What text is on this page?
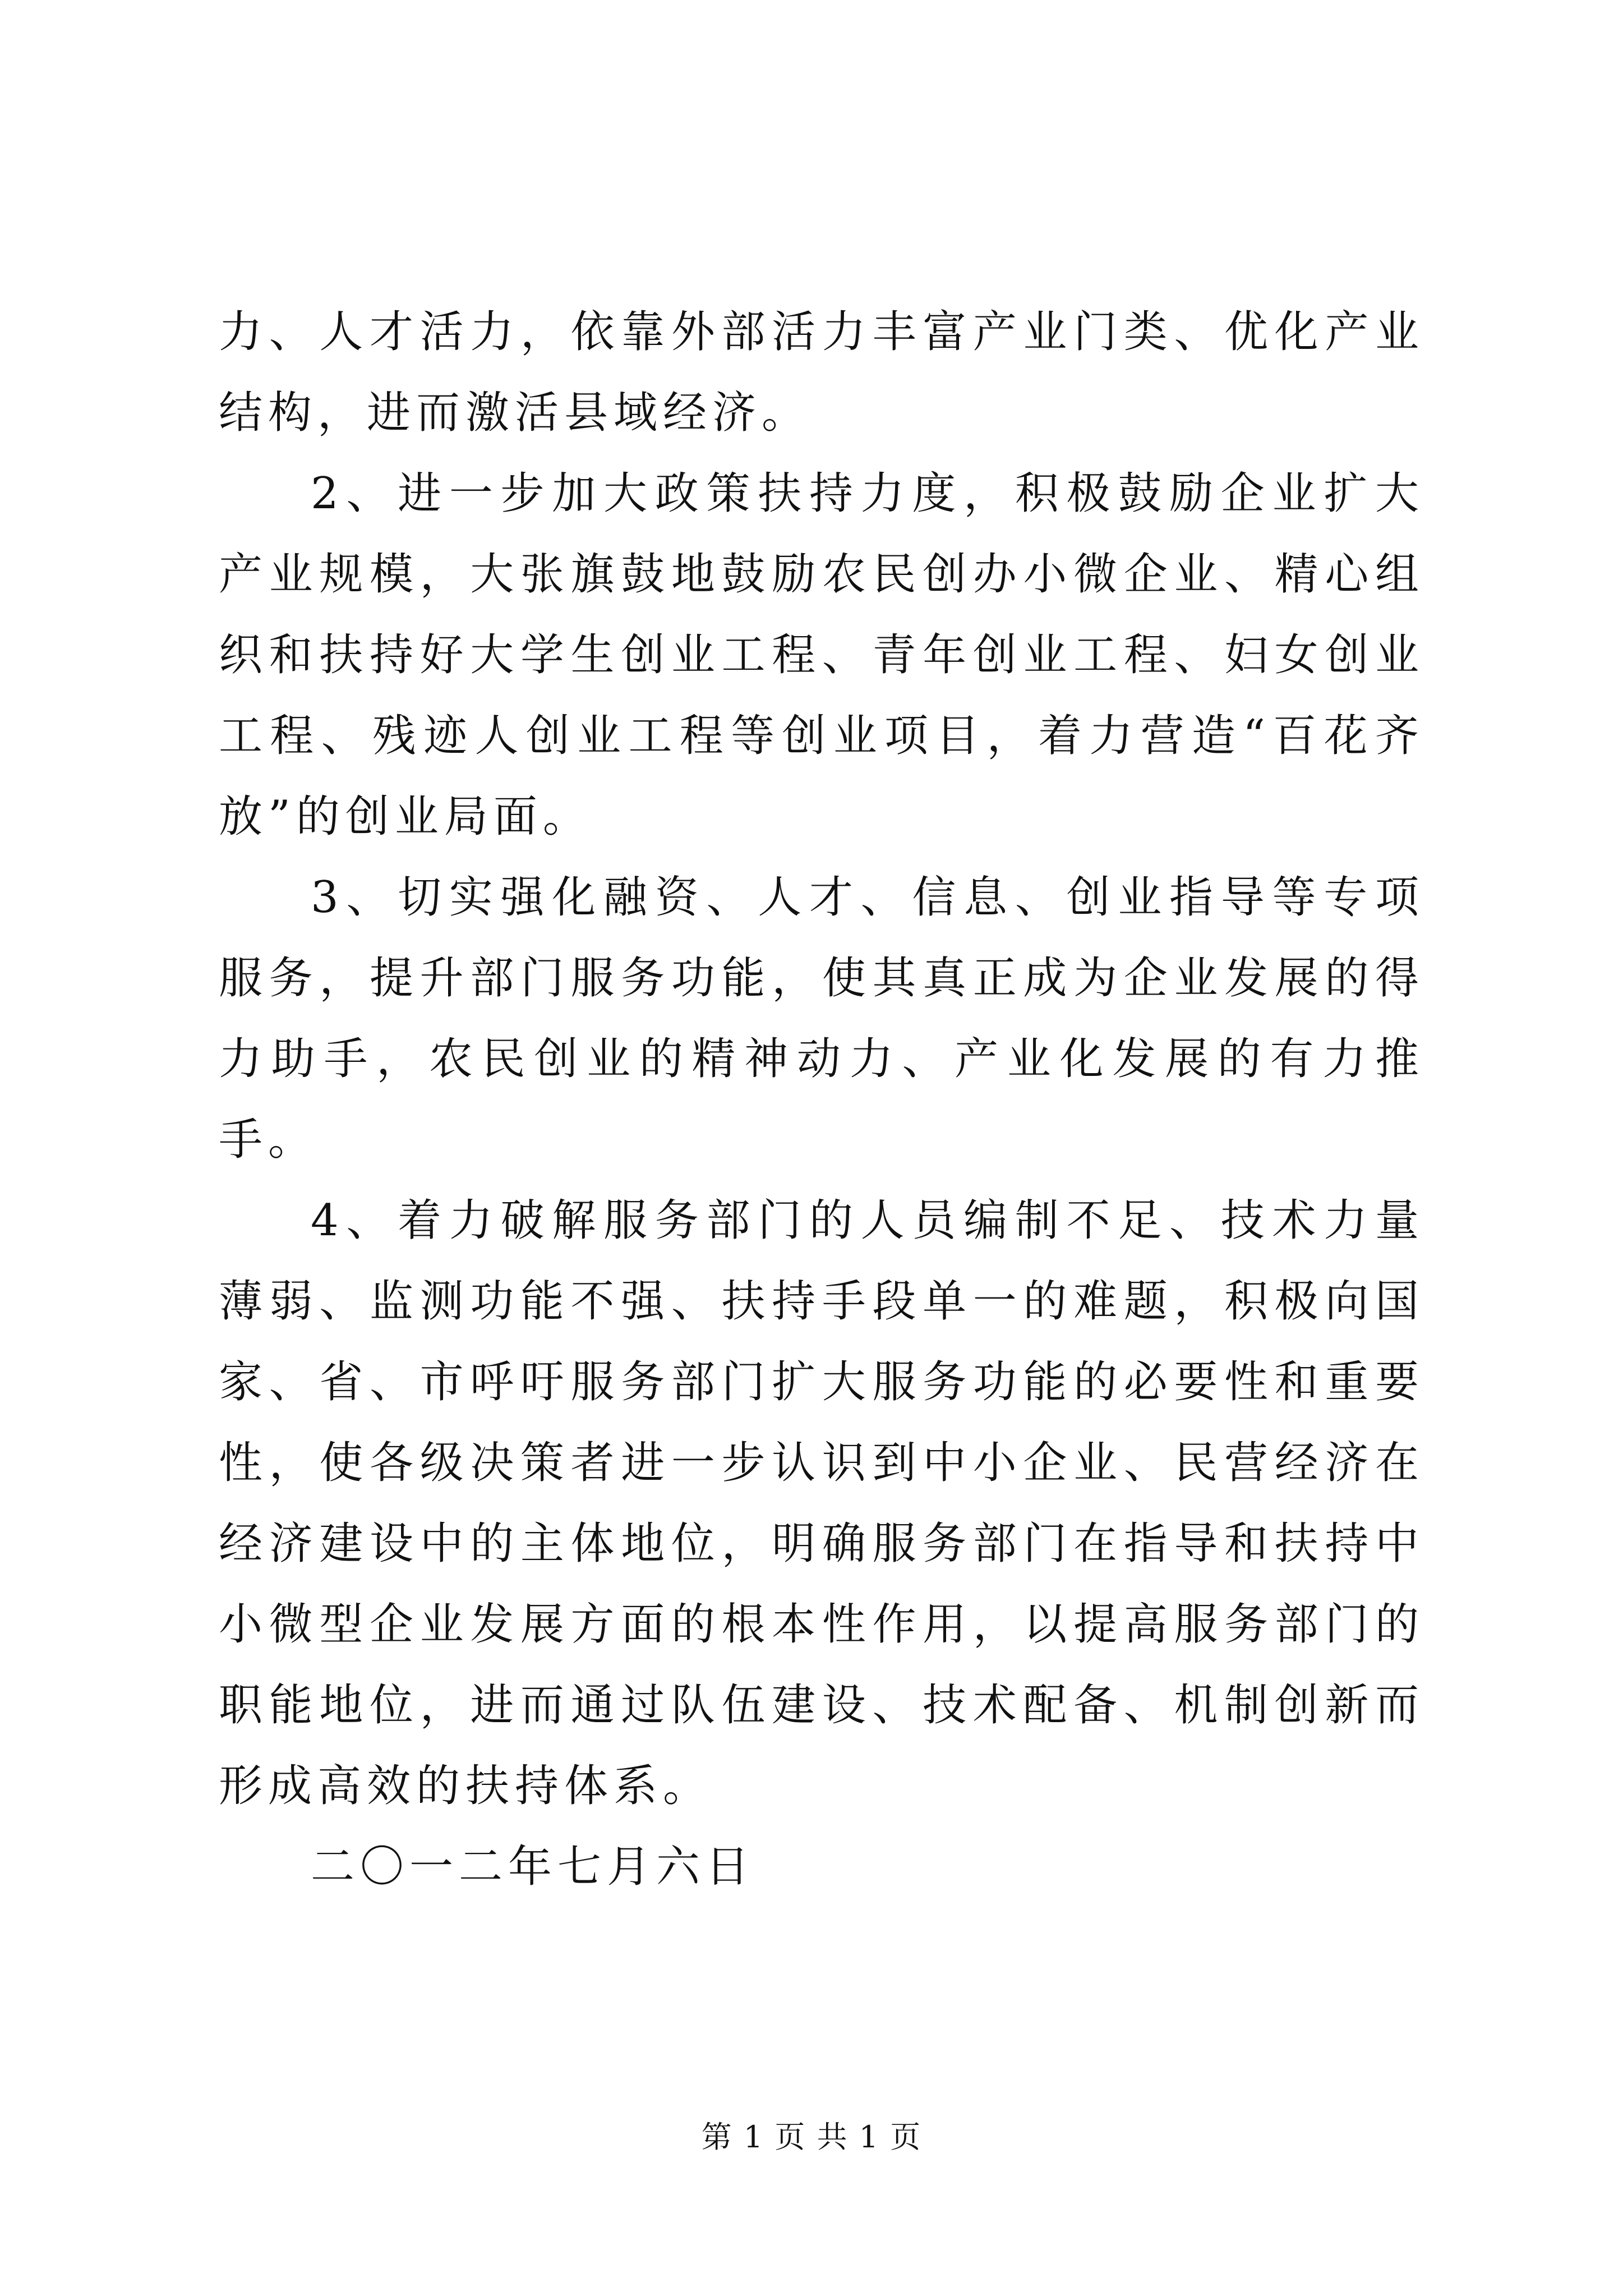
力、人才活力，依靠外部活力丰富产业门类、优化产业结构，进而激活县域经济。

2、进一步加大政策扶持力度，积极鼓励企业扩大产业规模，大张旗鼓地鼓励农民创办小微企业、精心组织和扶持好大学生创业工程、青年创业工程、妇女创业工程、残迹人创业工程等创业项目，着力营造“百花齐放”的创业局面。

3、切实强化融资、人才、信息、创业指导等专项服务，提升部门服务功能，使其真正成为企业发展的得力助手，农民创业的精神动力、产业化发展的有力推手。

4、着力破解服务部门的人员编制不足、技术力量薄弱、监测功能不强、扶持手段单一的难题，积极向国家、省、市呼吁服务部门扩大服务功能的必要性和重要性，使各级决策者进一步认识到中小企业、民营经济在经济建设中的主体地位，明确服务部门在指导和扶持中小微型企业发展方面的根本性作用，以提高服务部门的职能地位，进而通过队伍建设、技术配备、机制创新而形成高效的扶持体系。

二〇一二年七月六日

第 1 页 共 1 页
